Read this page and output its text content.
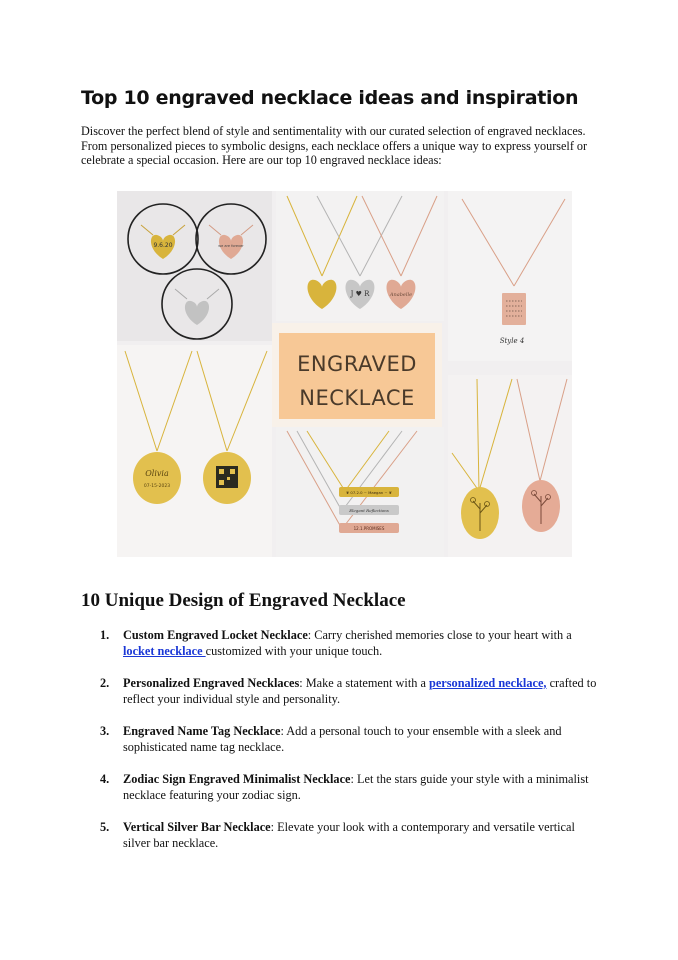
Top 10 engraved necklace ideas and inspiration
Discover the perfect blend of style and sentimentality with our curated selection of engraved necklaces. From personalized pieces to symbolic designs, each necklace offers a unique way to express yourself or celebrate a special occasion. Here are our top 10 engraved necklace ideas:
9.6.20	we are forever
J ♥ R	Anabelle
Style 4
ENGRAVED
NECKLACE
Olivia
07-15-2023
❦ 07.2.0 ~ Maegan ~ ❦
Elegant Reflections
12.1.PROMISES
10 Unique Design of Engraved Necklace
1. Custom Engraved Locket Necklace: Carry cherished memories close to your heart with a locket necklace customized with your unique touch.
2. Personalized Engraved Necklaces: Make a statement with a personalized necklace, crafted to reflect your individual style and personality.
3. Engraved Name Tag Necklace: Add a personal touch to your ensemble with a sleek and sophisticated name tag necklace.
4. Zodiac Sign Engraved Minimalist Necklace: Let the stars guide your style with a minimalist necklace featuring your zodiac sign.
5. Vertical Silver Bar Necklace: Elevate your look with a contemporary and versatile vertical silver bar necklace.
